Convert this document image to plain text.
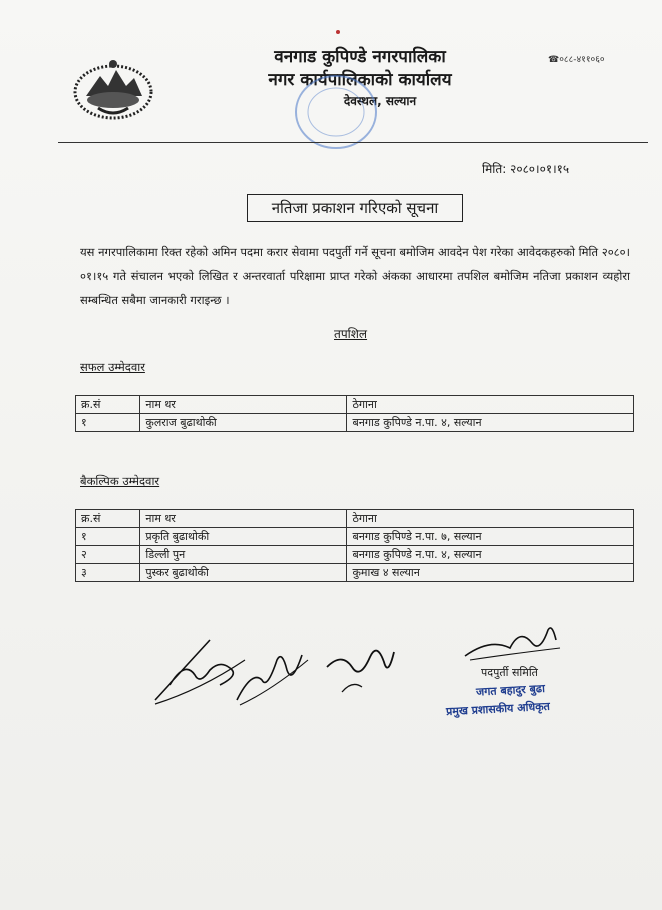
वनगाड कुपिण्डे नगरपालिका
नगर कार्यपालिकाको कार्यालय
देवस्थल, सल्यान
☎०८८-४११०६०
मिति: २०८०।०१।१५
नतिजा प्रकाशन गरिएको सूचना
यस नगरपालिकामा रिक्त रहेको अमिन पदमा करार सेवामा पदपुर्ती गर्ने सूचना बमोजिम आवदेन पेश गरेका आवेदकहरुको मिति २०८०।०१।१५ गते संचालन भएको लिखित र अन्तरवार्ता परिक्षामा प्राप्त गरेको अंकका आधारमा तपशिल बमोजिम नतिजा प्रकाशन व्यहोरा सम्बन्धित सबैमा जानकारी गराइन्छ ।
तपशिल
सफल उम्मेदवार
क्र.सं	नाम थर	ठेगाना
१	कुलराज बुढाथोकी	बनगाड कुपिण्डे न.पा. ४, सल्यान
बैकल्पिक उम्मेदवार
क्र.सं	नाम थर	ठेगाना
१	प्रकृति बुढाथोकी	बनगाड कुपिण्डे न.पा. ७, सल्यान
२	डिल्ली पुन	बनगाड कुपिण्डे न.पा. ४, सल्यान
३	पुस्कर बुढाथोकी	कुमाख ४ सल्यान
पदपुर्ती समिति
जगत बहादुर बुढा
प्रमुख प्रशासकीय अधिकृत
